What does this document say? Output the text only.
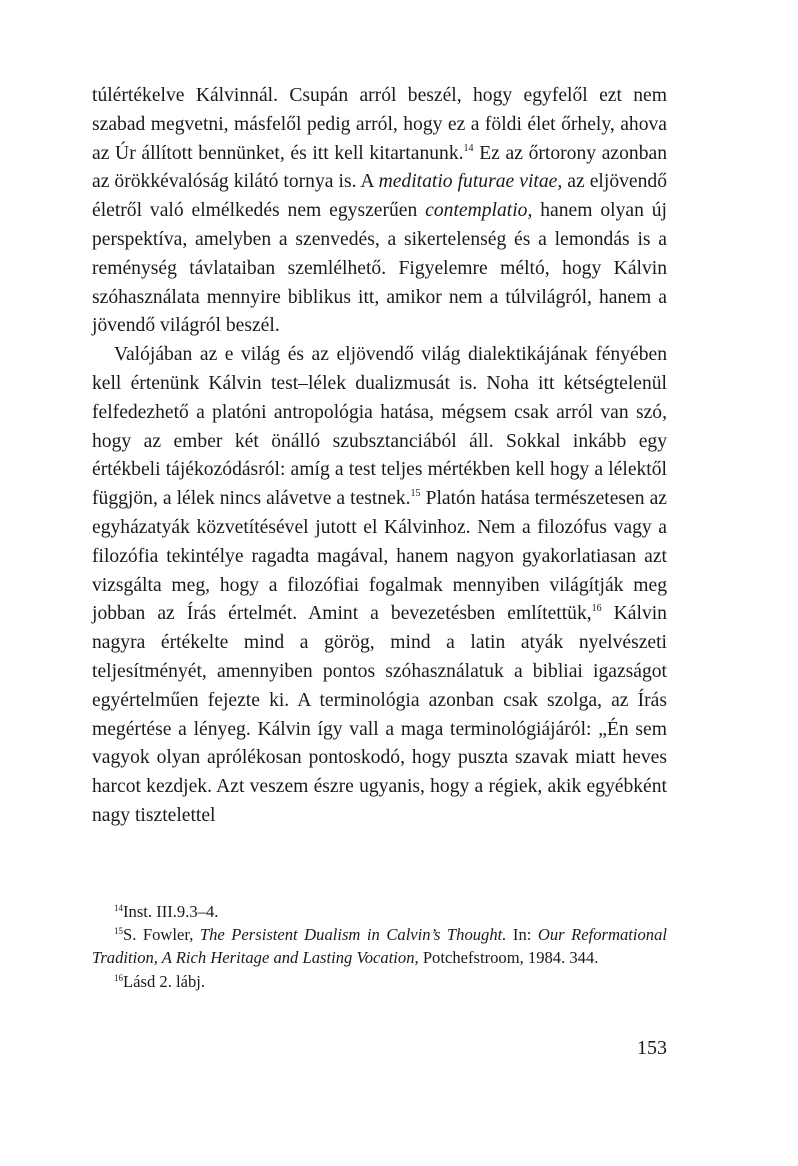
túlértékelve Kálvinnál. Csupán arról beszél, hogy egyfelől ezt nem szabad megvetni, másfelől pedig arról, hogy ez a földi élet őrhely, ahova az Úr állított bennünket, és itt kell kitartanunk.$^{14}$ Ez az őrtorony azonban az örökkévalóság kilátó tornya is. A meditatio futurae vitae, az eljövendő életről való elmélkedés nem egyszerűen contemplatio, hanem olyan új perspektíva, amelyben a szenvedés, a sikertelenség és a lemondás is a reménység távlataiban szemlélhető. Figyelemre méltó, hogy Kálvin szóhasználata mennyire biblikus itt, amikor nem a túlvilágról, hanem a jövendő világról beszél.

Valójában az e világ és az eljövendő világ dialektikájának fényében kell értenünk Kálvin test–lélek dualizmusát is. Noha itt kétségtelenül felfedezhető a platóni antropológia hatása, mégsem csak arról van szó, hogy az ember két önálló szubsztanciából áll. Sokkal inkább egy értékbeli tájékozódásról: amíg a test teljes mértékben kell hogy a lélektől függjön, a lélek nincs alávetve a testnek.$^{15}$ Platón hatása természetesen az egyházatyák közvetítésével jutott el Kálvinhoz. Nem a filozófus vagy a filozófia tekintélye ragadta magával, hanem nagyon gyakorlatiasan azt vizsgálta meg, hogy a filozófiai fogalmak mennyiben világítják meg jobban az Írás értelmét. Amint a bevezetésben említettük,$^{16}$ Kálvin nagyra értékelte mind a görög, mind a latin atyák nyelvészeti teljesítményét, amennyiben pontos szóhasználatuk a bibliai igazságot egyértelműen fejezte ki. A terminológia azonban csak szolga, az Írás megértése a lényeg. Kálvin így vall a maga terminológiájáról: „Én sem vagyok olyan aprólékosan pontoskodó, hogy puszta szavak miatt heves harcot kezdjek. Azt veszem észre ugyanis, hogy a régiek, akik egyébként nagy tisztelettel

$^{14}$Inst. III.9.3–4.

$^{15}$S. Fowler, The Persistent Dualism in Calvin’s Thought. In: Our Reformational Tradition, A Rich Heritage and Lasting Vocation, Potchefstroom, 1984. 344.

$^{16}$Lásd 2. lábj.

153
